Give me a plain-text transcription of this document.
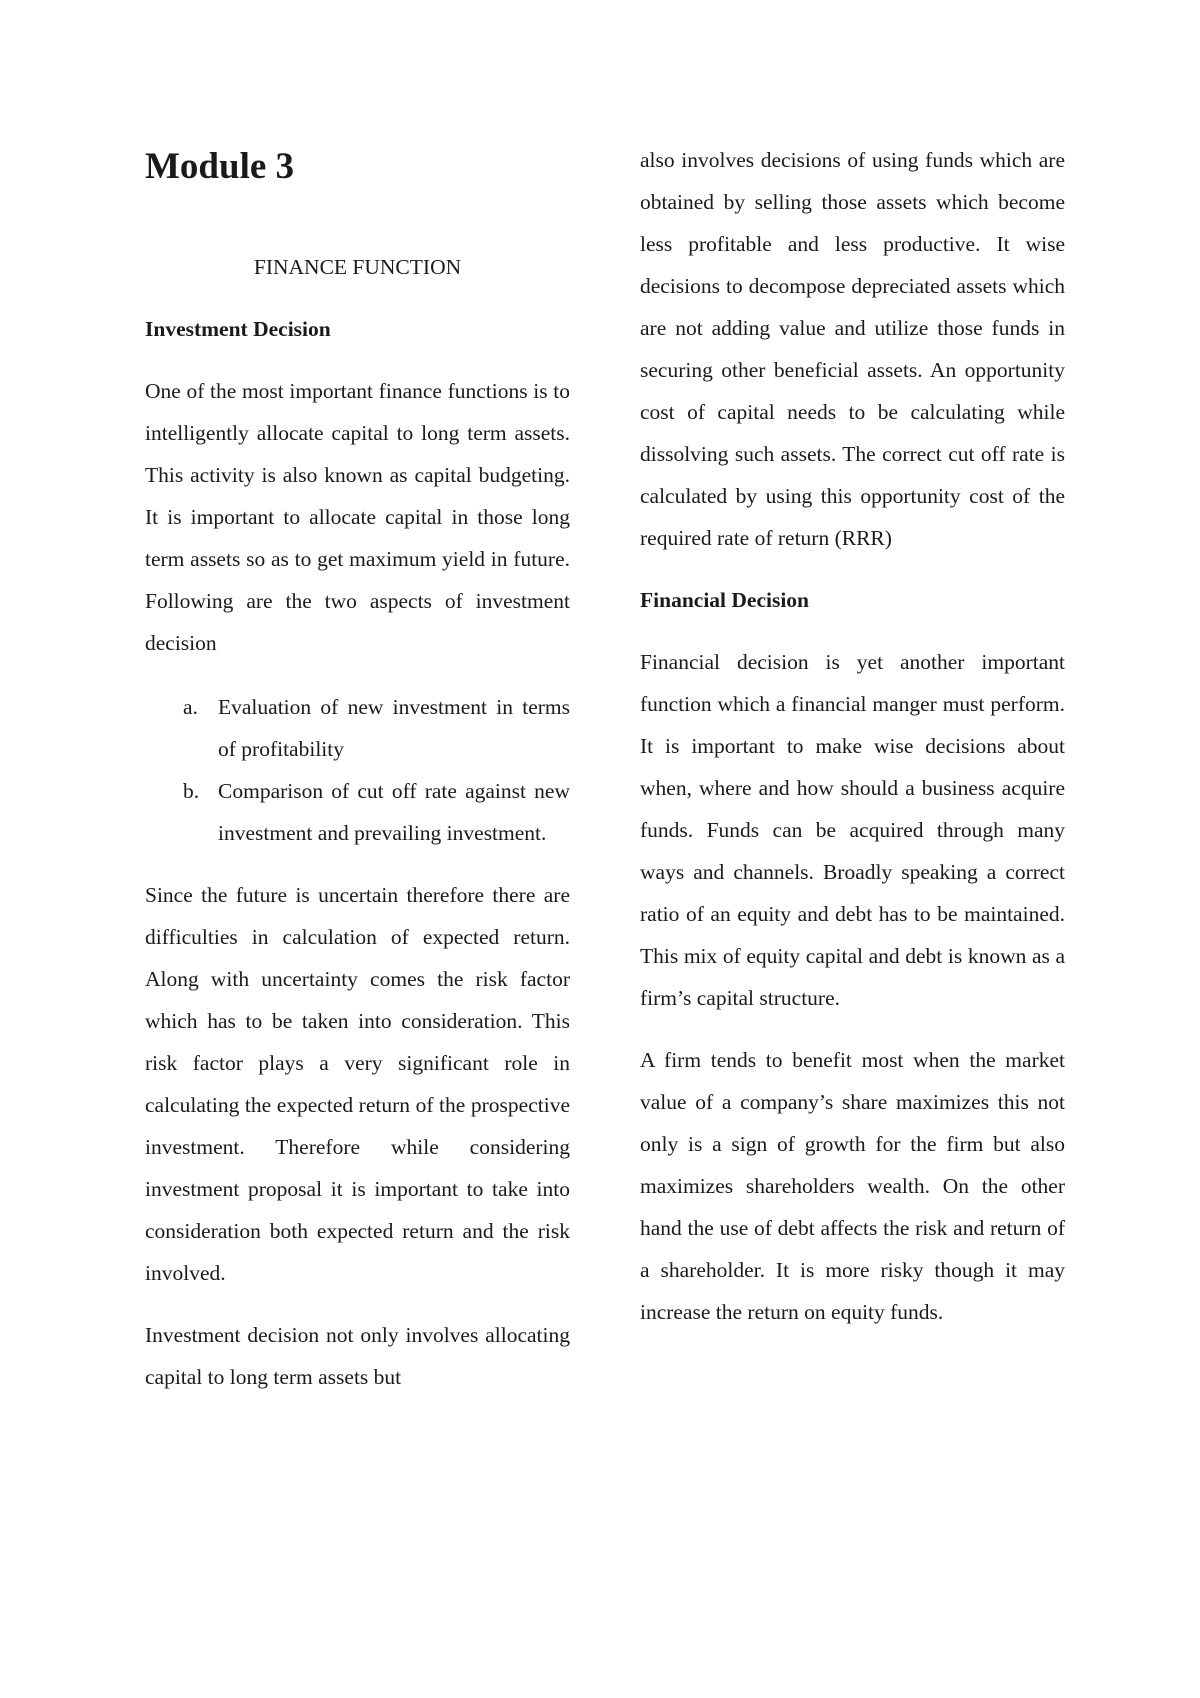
Module 3
FINANCE FUNCTION
Investment Decision

One of the most important finance functions is to intelligently allocate capital to long term assets. This activity is also known as capital budgeting. It is important to allocate capital in those long term assets so as to get maximum yield in future. Following are the two aspects of investment decision

a. Evaluation of new investment in terms of profitability
b. Comparison of cut off rate against new investment and prevailing investment.

Since the future is uncertain therefore there are difficulties in calculation of expected return. Along with uncertainty comes the risk factor which has to be taken into consideration. This risk factor plays a very significant role in calculating the expected return of the prospective investment. Therefore while considering investment proposal it is important to take into consideration both expected return and the risk involved.

Investment decision not only involves allocating capital to long term assets but

also involves decisions of using funds which are obtained by selling those assets which become less profitable and less productive. It wise decisions to decompose depreciated assets which are not adding value and utilize those funds in securing other beneficial assets. An opportunity cost of capital needs to be calculating while dissolving such assets. The correct cut off rate is calculated by using this opportunity cost of the required rate of return (RRR)

Financial Decision

Financial decision is yet another important function which a financial manger must perform. It is important to make wise decisions about when, where and how should a business acquire funds. Funds can be acquired through many ways and channels. Broadly speaking a correct ratio of an equity and debt has to be maintained. This mix of equity capital and debt is known as a firm’s capital structure.

A firm tends to benefit most when the market value of a company’s share maximizes this not only is a sign of growth for the firm but also maximizes shareholders wealth. On the other hand the use of debt affects the risk and return of a shareholder. It is more risky though it may increase the return on equity funds.
